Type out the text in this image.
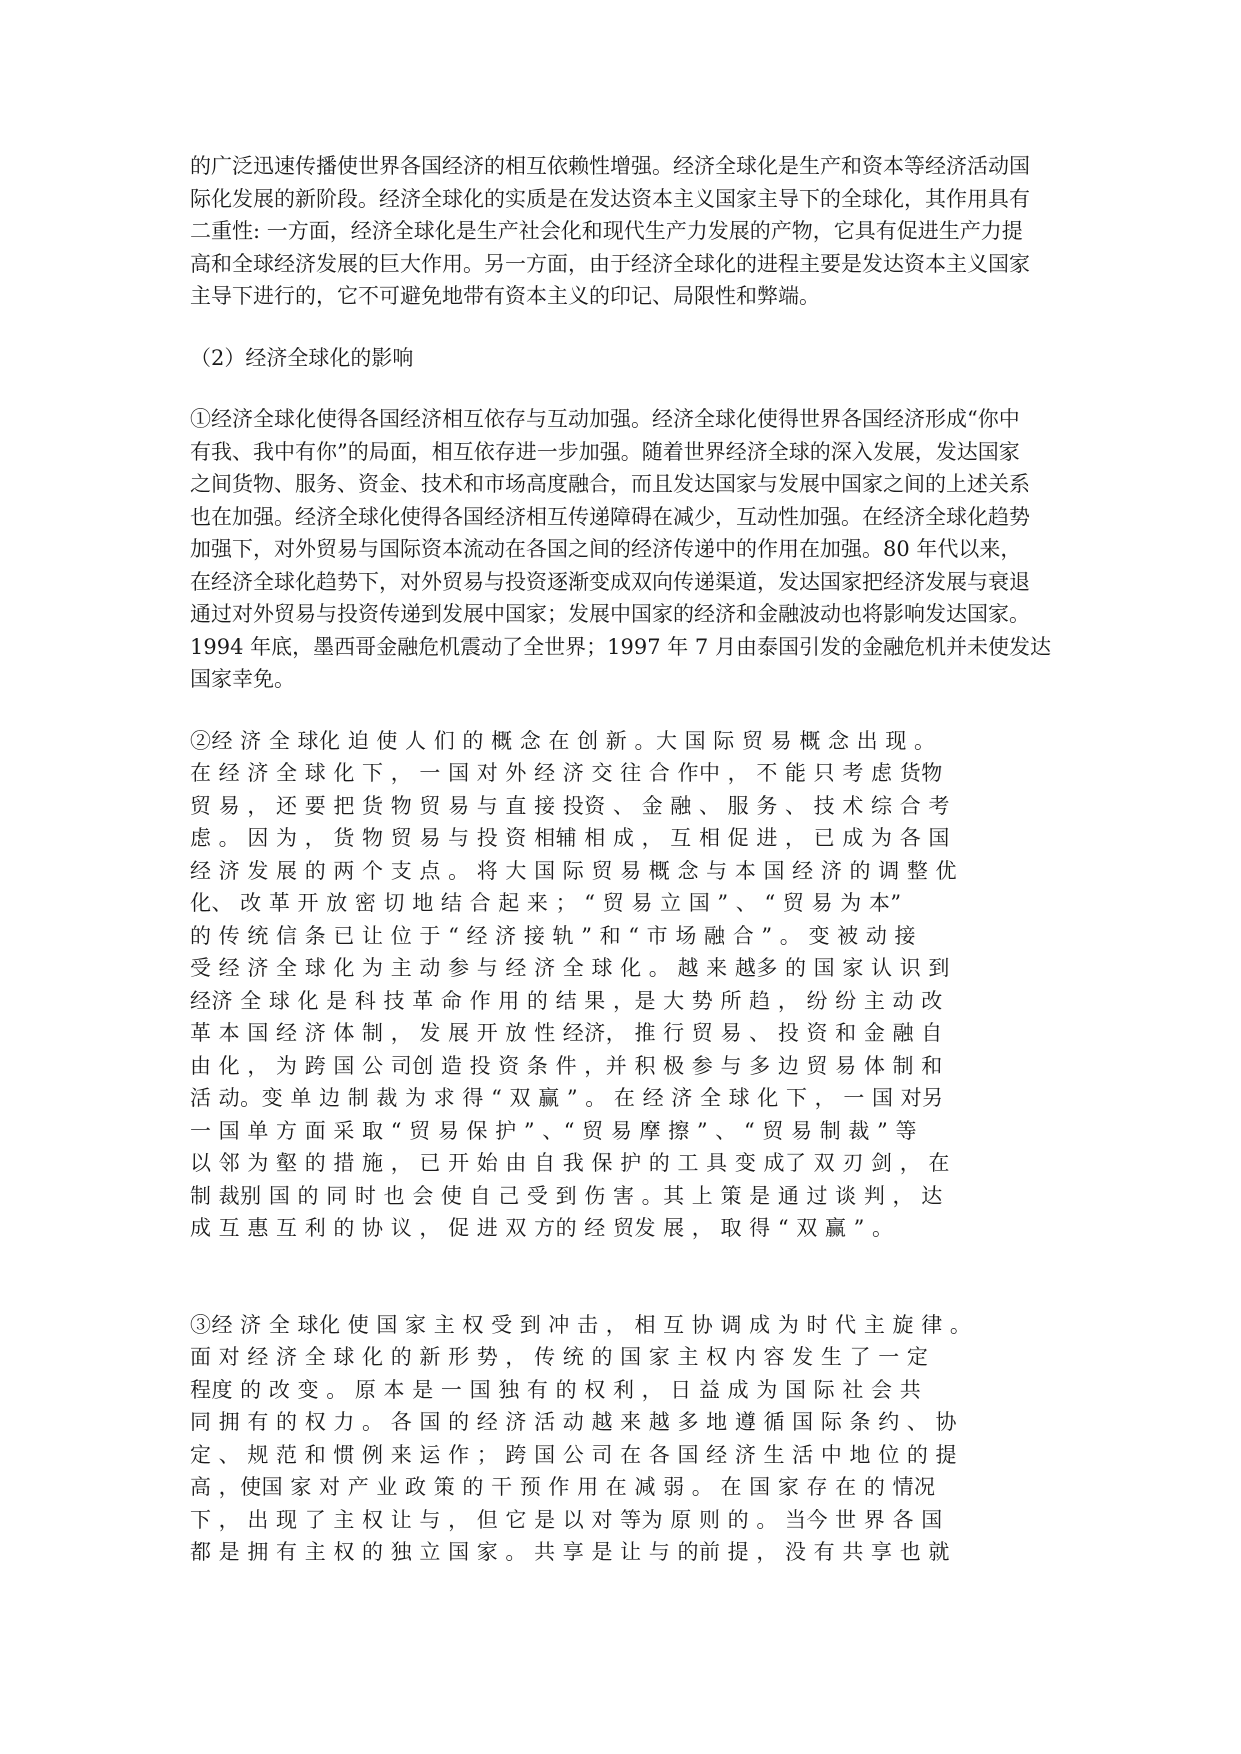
的广泛迅速传播使世界各国经济的相互依赖性增强。经济全球化是生产和资本等经济活动国
际化发展的新阶段。经济全球化的实质是在发达资本主义国家主导下的全球化，其作用具有
二重性: 一方面，经济全球化是生产社会化和现代生产力发展的产物，它具有促进生产力提
高和全球经济发展的巨大作用。另一方面，由于经济全球化的进程主要是发达资本主义国家
主导下进行的，它不可避免地带有资本主义的印记、局限性和弊端。
（2）经济全球化的影响
①经济全球化使得各国经济相互依存与互动加强。经济全球化使得世界各国经济形成“你中
有我、我中有你”的局面，相互依存进一步加强。随着世界经济全球的深入发展，发达国家
之间货物、服务、资金、技术和市场高度融合，而且发达国家与发展中国家之间的上述关系
也在加强。经济全球化使得各国经济相互传递障碍在减少，互动性加强。在经济全球化趋势
加强下，对外贸易与国际资本流动在各国之间的经济传递中的作用在加强。80 年代以来，
在经济全球化趋势下，对外贸易与投资逐渐变成双向传递渠道，发达国家把经济发展与衰退
通过对外贸易与投资传递到发展中国家；发展中国家的经济和金融波动也将影响发达国家。
1994 年底，墨西哥金融危机震动了全世界；1997 年 7 月由泰国引发的金融危机并未使发达
国家幸免。
②经 济 全 球化 迫 使 人 们 的 概 念 在 创 新 。大 国 际 贸 易 概 念 出 现 。
在 经 济 全 球 化 下 ， 一 国 对 外 经 济 交 往 合 作中 ， 不 能 只 考 虑 货物
贸 易 ， 还 要 把 货 物 贸 易 与 直 接 投资 、 金 融 、 服 务 、 技 术 综 合 考
虑 。 因 为 ， 货 物 贸 易 与 投 资 相辅 相 成 ， 互 相 促 进 ， 已 成 为 各 国
经 济 发 展 的 两 个 支 点 。 将 大 国 际 贸 易 概 念 与 本 国 经 济 的 调 整 优
化、 改 革 开 放 密 切 地 结 合 起 来 ； “ 贸 易 立 国 ” 、 “ 贸 易 为 本”
的 传 统 信 条 已 让 位 于 “ 经 济 接 轨 ” 和 “ 市 场 融 合 ” 。 变 被 动 接
受 经 济 全 球 化 为 主 动 参 与 经 济 全 球 化 。 越 来 越多 的 国 家 认 识 到
经济 全 球 化 是 科 技 革 命 作 用 的 结 果 ，是 大 势 所 趋 ， 纷 纷 主 动 改
革 本 国 经 济 体 制 ， 发 展 开 放 性 经济， 推 行 贸 易 、 投 资 和 金 融 自
由 化 ， 为 跨 国 公 司创 造 投 资 条 件 ，并 积 极 参 与 多 边 贸 易 体 制 和
活 动。变 单 边 制 裁 为 求 得 “ 双 赢 ” 。 在 经 济 全 球 化 下 ， 一 国 对另
一 国 单 方 面 采 取 “ 贸 易 保 护 ” 、“ 贸 易 摩 擦 ” 、 “ 贸 易 制 裁 ” 等
以 邻 为 壑 的 措 施 ， 已 开 始 由 自 我 保 护 的 工 具 变 成了 双 刃 剑 ， 在
制 裁别 国 的 同 时 也 会 使 自 己 受 到 伤 害 。其 上 策 是 通 过 谈 判 ， 达
成 互 惠 互 利 的 协 议 ， 促 进 双 方的 经 贸发 展 ， 取 得 “ 双 赢 ” 。
③经 济 全 球化 使 国 家 主 权 受 到 冲 击 ， 相 互 协 调 成 为 时 代 主 旋 律 。
面 对 经 济 全 球 化 的 新 形 势 ， 传 统 的 国 家 主 权 内 容 发 生 了 一 定
程度 的 改 变 。 原 本 是 一 国 独 有 的 权 利 ， 日 益 成 为 国 际 社 会 共
同 拥 有 的 权 力 。 各 国 的 经 济 活 动 越 来 越 多 地 遵 循 国 际 条 约 、 协
定 、 规 范 和 惯 例 来 运 作 ； 跨 国 公 司 在 各 国 经 济 生 活 中 地 位 的 提
高 ，使国 家 对 产 业 政 策 的 干 预 作 用 在 减 弱 。 在 国 家 存 在 的 情况
下 ， 出 现 了 主 权 让 与 ， 但 它 是 以 对 等为 原 则 的 。 当今 世 界 各 国
都 是 拥 有 主 权 的 独 立 国 家 。 共 享 是 让 与 的前 提 ， 没 有 共 享 也 就
